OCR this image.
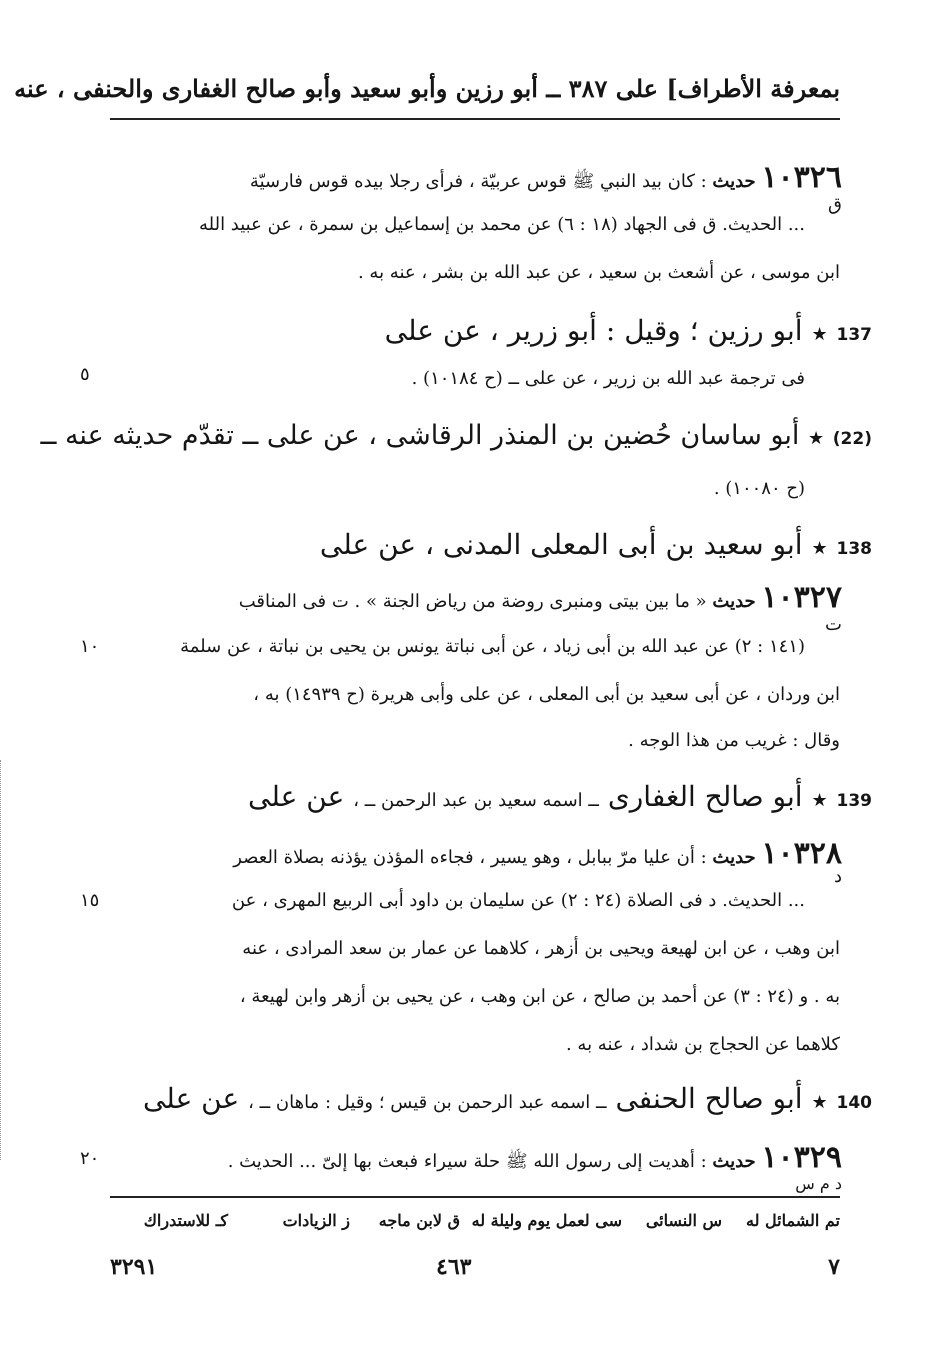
بمعرفة الأطراف] على ٣٨٧ ــ أبو رزين وأبو سعيد وأبو صالح الغفارى والحنفى ، عنه
١٠٣٢٦ حديث : كان بيد النبي ﷺ قوس عربيّة ، فرأى رجلا بيده قوس فارسيّة
ق
... الحديث. ق فى الجهاد (١٨ : ٦) عن محمد بن إسماعيل بن سمرة ، عن عبيد الله
ابن موسى ، عن أشعث بن سعيد ، عن عبد الله بن بشر ، عنه به .
137 ★ أبو رزين ؛ وقيل : أبو زرير ، عن على
فى ترجمة عبد الله بن زرير ، عن على ــ (ح ١٠١٨٤) .
٥
(22) ★ أبو ساسان حُضين بن المنذر الرقاشى ، عن على ــ تقدّم حديثه عنه ــ
(ح ١٠٠٨٠) .
138 ★ أبو سعيد بن أبى المعلى المدنى ، عن على
١٠٣٢٧ حديث « ما بين بيتى ومنبرى روضة من رياض الجنة » . ت فى المناقب
ت
(١٤١ : ٢) عن عبد الله بن أبى زياد ، عن أبى نباتة يونس بن يحيى بن نباتة ، عن سلمة
١٠
ابن وردان ، عن أبى سعيد بن أبى المعلى ، عن على وأبى هريرة (ح ١٤٩٣٩) به ،
وقال : غريب من هذا الوجه .
139 ★ أبو صالح الغفارى ــ اسمه سعيد بن عبد الرحمن ــ ، عن على
١٠٣٢٨ حديث : أن عليا مرّ ببابل ، وهو يسير ، فجاءه المؤذن يؤذنه بصلاة العصر
د
... الحديث. د فى الصلاة (٢٤ : ٢) عن سليمان بن داود أبى الربيع المهرى ، عن
١٥
ابن وهب ، عن ابن لهيعة ويحيى بن أزهر ، كلاهما عن عمار بن سعد المرادى ، عنه
به . و (٢٤ : ٣) عن أحمد بن صالح ، عن ابن وهب ، عن يحيى بن أزهر وابن لهيعة ،
كلاهما عن الحجاج بن شداد ، عنه به .
140 ★ أبو صالح الحنفى ــ اسمه عبد الرحمن بن قيس ؛ وقيل : ماهان ــ ، عن على
١٠٣٢٩ حديث : أهديت إلى رسول الله ﷺ حلة سيراء فبعث بها إلىّ ... الحديث .
٢٠
د م س
تم الشمائل له
س النسائى
سى لعمل يوم وليلة له
ق لابن ماجه
ز الزيادات
كـ للاستدراك
٧
٤٦٣
٣٢٩١
